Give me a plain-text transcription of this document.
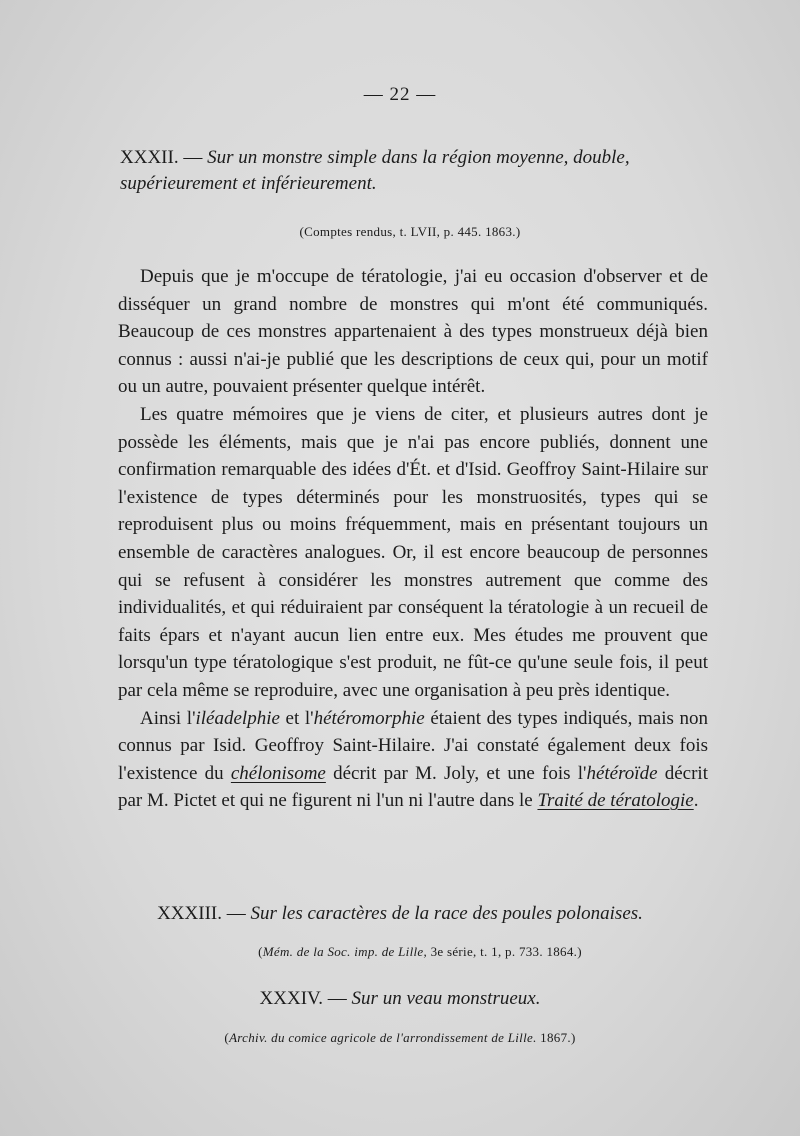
— 22 —
XXXII. — Sur un monstre simple dans la région moyenne, double, supérieurement et inférieurement.
(Comptes rendus, t. LVII, p. 445. 1863.)

Depuis que je m'occupe de tératologie, j'ai eu occasion d'observer et de disséquer un grand nombre de monstres qui m'ont été communiqués. Beaucoup de ces monstres appartenaient à des types monstrueux déjà bien connus : aussi n'ai-je publié que les descriptions de ceux qui, pour un motif ou un autre, pouvaient présenter quelque intérêt.

Les quatre mémoires que je viens de citer, et plusieurs autres dont je possède les éléments, mais que je n'ai pas encore publiés, donnent une confirmation remarquable des idées d'Ét. et d'Isid. Geoffroy Saint-Hilaire sur l'existence de types déterminés pour les monstruosités, types qui se reproduisent plus ou moins fréquemment, mais en présentant toujours un ensemble de caractères analogues. Or, il est encore beaucoup de personnes qui se refusent à considérer les monstres autrement que comme des individualités, et qui réduiraient par conséquent la tératologie à un recueil de faits épars et n'ayant aucun lien entre eux. Mes études me prouvent que lorsqu'un type tératologique s'est produit, ne fût-ce qu'une seule fois, il peut par cela même se reproduire, avec une organisation à peu près identique.

Ainsi l'iléadelphie et l'hétéromorphie étaient des types indiqués, mais non connus par Isid. Geoffroy Saint-Hilaire. J'ai constaté également deux fois l'existence du chélonisome décrit par M. Joly, et une fois l'hétéroïde décrit par M. Pictet et qui ne figurent ni l'un ni l'autre dans le Traité de tératologie.

XXXIII. — Sur les caractères de la race des poules polonaises.
(Mém. de la Soc. imp. de Lille, 3e série, t. 1, p. 733. 1864.)
XXXIV. — Sur un veau monstrueux.
(Archiv. du comice agricole de l'arrondissement de Lille. 1867.)
